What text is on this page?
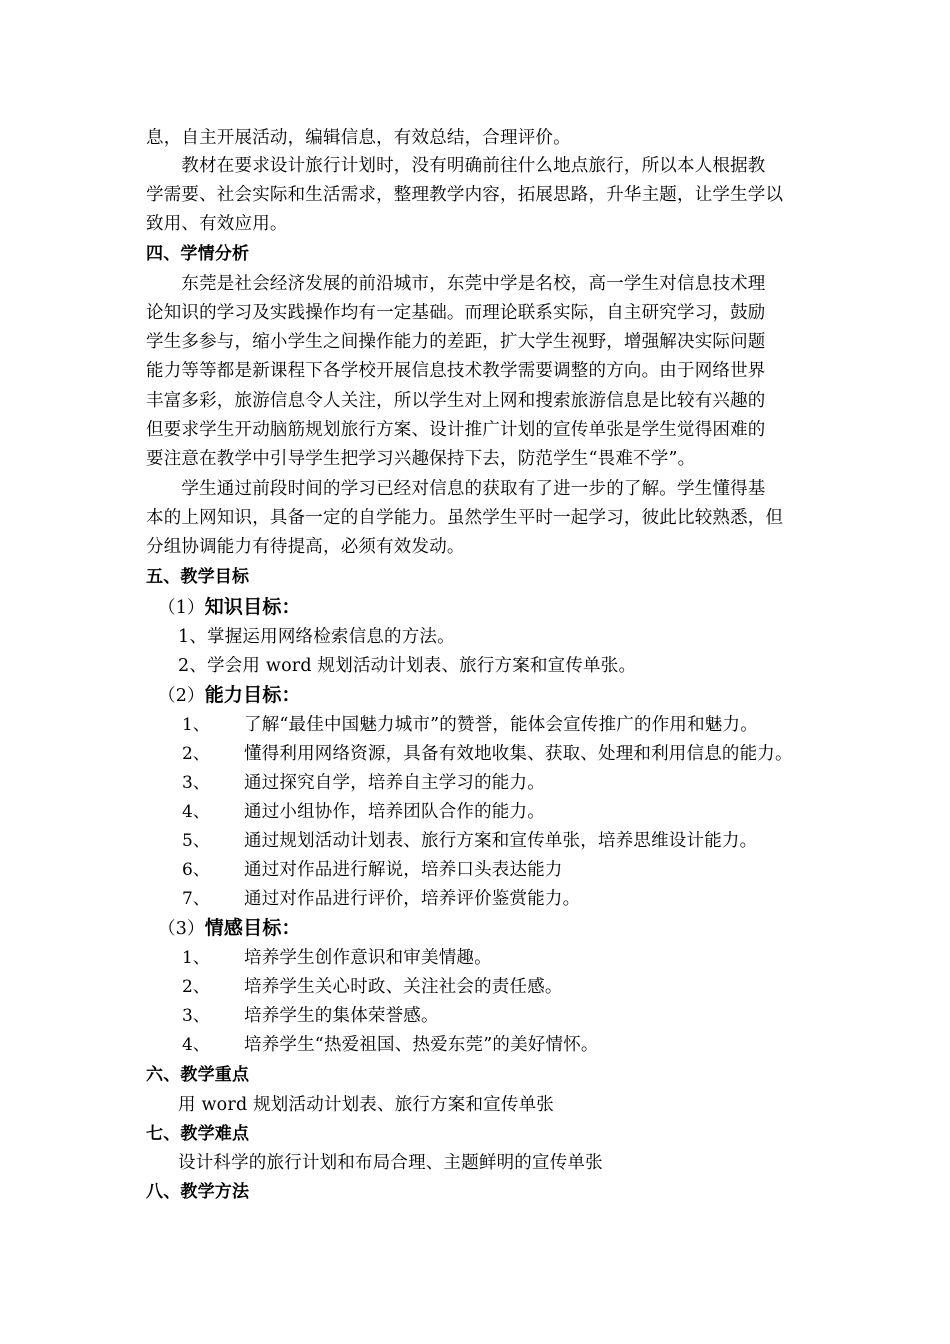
息，自主开展活动，编辑信息，有效总结，合理评价。
　　教材在要求设计旅行计划时，没有明确前往什么地点旅行，所以本人根据教
学需要、社会实际和生活需求，整理教学内容，拓展思路，升华主题，让学生学以
致用、有效应用。
四、学情分析
　　东莞是社会经济发展的前沿城市，东莞中学是名校，高一学生对信息技术理
论知识的学习及实践操作均有一定基础。而理论联系实际，自主研究学习，鼓励
学生多参与，缩小学生之间操作能力的差距，扩大学生视野，增强解决实际问题
能力等等都是新课程下各学校开展信息技术教学需要调整的方向。由于网络世界
丰富多彩，旅游信息令人关注，所以学生对上网和搜索旅游信息是比较有兴趣的
但要求学生开动脑筋规划旅行方案、设计推广计划的宣传单张是学生觉得困难的
要注意在教学中引导学生把学习兴趣保持下去，防范学生“畏难不学”。
　　学生通过前段时间的学习已经对信息的获取有了进一步的了解。学生懂得基
本的上网知识，具备一定的自学能力。虽然学生平时一起学习，彼此比较熟悉，但
分组协调能力有待提高，必须有效发动。
五、教学目标
（1）知识目标：
1、掌握运用网络检索信息的方法。
2、学会用 word 规划活动计划表、旅行方案和宣传单张。
（2）能力目标：
1、 了解“最佳中国魅力城市”的赞誉，能体会宣传推广的作用和魅力。
2、 懂得利用网络资源，具备有效地收集、获取、处理和利用信息的能力。
3、 通过探究自学，培养自主学习的能力。
4、 通过小组协作，培养团队合作的能力。
5、 通过规划活动计划表、旅行方案和宣传单张，培养思维设计能力。
6、 通过对作品进行解说，培养口头表达能力
7、 通过对作品进行评价，培养评价鉴赏能力。
（3）情感目标：
1、 培养学生创作意识和审美情趣。
2、 培养学生关心时政、关注社会的责任感。
3、 培养学生的集体荣誉感。
4、 培养学生“热爱祖国、热爱东莞”的美好情怀。
六、教学重点
用 word 规划活动计划表、旅行方案和宣传单张
七、教学难点
设计科学的旅行计划和布局合理、主题鲜明的宣传单张
八、教学方法
